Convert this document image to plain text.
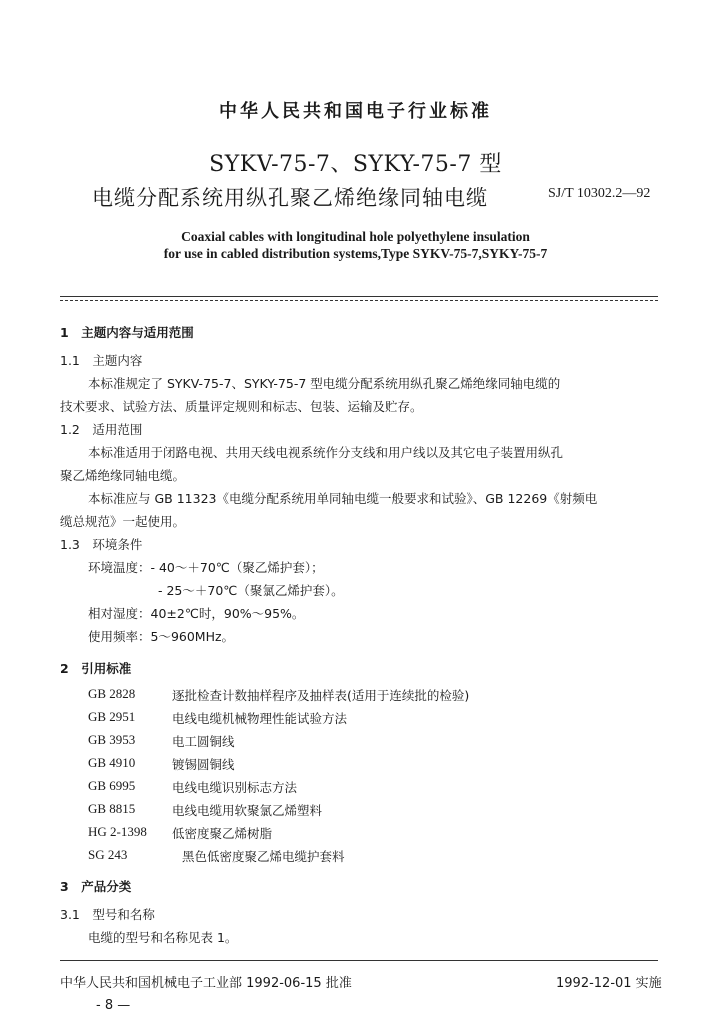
中华人民共和国电子行业标准
SYKV-75-7、SYKY-75-7 型
电缆分配系统用纵孔聚乙烯绝缘同轴电缆	SJ/T 10302.2—92
Coaxial cables with longitudinal hole polyethylene insulation
for use in cabled distribution systems,Type SYKV-75-7,SYKY-75-7
1　主题内容与适用范围
1.1　主题内容
本标准规定了 SYKV-75-7、SYKY-75-7 型电缆分配系统用纵孔聚乙烯绝缘同轴电缆的
技术要求、试验方法、质量评定规则和标志、包装、运输及贮存。
1.2　适用范围
本标准适用于闭路电视、共用天线电视系统作分支线和用户线以及其它电子装置用纵孔
聚乙烯绝缘同轴电缆。
本标准应与 GB 11323《电缆分配系统用单同轴电缆一般要求和试验》、GB 12269《射频电
缆总规范》一起使用。
1.3　环境条件
环境温度：- 40～＋70℃（聚乙烯护套）；
- 25～＋70℃（聚氯乙烯护套）。
相对湿度：40±2℃时，90%～95%。
使用频率：5～960MHz。
2　引用标准
GB 2828	逐批检查计数抽样程序及抽样表(适用于连续批的检验)
GB 2951	电线电缆机械物理性能试验方法
GB 3953	电工圆铜线
GB 4910	镀锡圆铜线
GB 6995	电线电缆识别标志方法
GB 8815	电线电缆用软聚氯乙烯塑料
HG 2-1398 低密度聚乙烯树脂
SG 243	黑色低密度聚乙烯电缆护套料
3　产品分类
3.1　型号和名称
电缆的型号和名称见表 1。
中华人民共和国机械电子工业部 1992-06-15 批准	1992-12-01 实施
- 8 —
